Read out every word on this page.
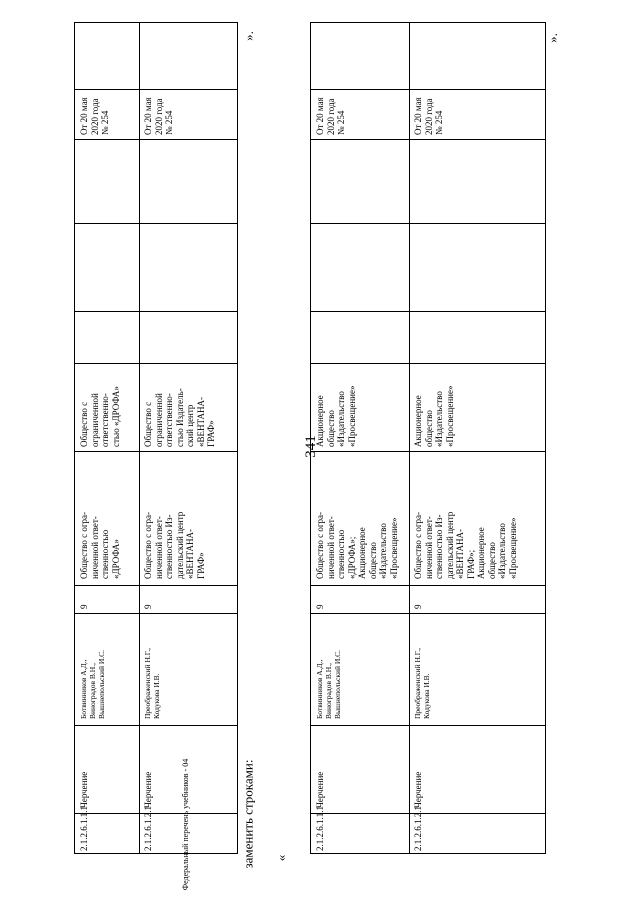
341
2.1.2.6.1.1.1
Черчение
Ботвинников А.Д.,
Виноградов В.Н.,
Вышнепольский И.С.
9
Общество с огра-
ниченной ответ-
ственностью
«ДРОФА»
Общество с
ограниченной
ответственно-
стью «ДРОФА»
От 20 мая
2020 года
№ 254
2.1.2.6.1.2.1
Черчение
Преображенский Н.Г.,
Кодукова И.В.
9
Общество с огра-
ниченной ответ-
ственностью Из-
дательский центр
«ВЕНТАНА-
ГРАФ»
Общество с
ограниченной
ответственно-
стью Издатель-
ский центр
«ВЕНТАНА-
ГРАФ»
От 20 мая
2020 года
№ 254
».
заменить строками: «
2.1.2.6.1.1.1
Черчение
Ботвинников А.Д.,
Виноградов В.Н.,
Вышнепольский И.С.
9
Общество с огра-
ниченной ответ-
ственностью
«ДРОФА»;
Акционерное
общество
«Издательство
«Просвещение»
Акционерное
общество
«Издательство
«Просвещение»
От 20 мая
2020 года
№ 254
2.1.2.6.1.2.1
Черчение
Преображенский Н.Г.,
Кодукова И.В.
9
Общество с огра-
ниченной ответ-
ственностью Из-
дательский центр
«ВЕНТАНА-
ГРАФ»;
Акционерное
общество
«Издательство
«Просвещение»
Акционерное
общество
«Издательство
«Просвещение»
От 20 мая
2020 года
№ 254
».
Федеральный перечень учебников - 04
